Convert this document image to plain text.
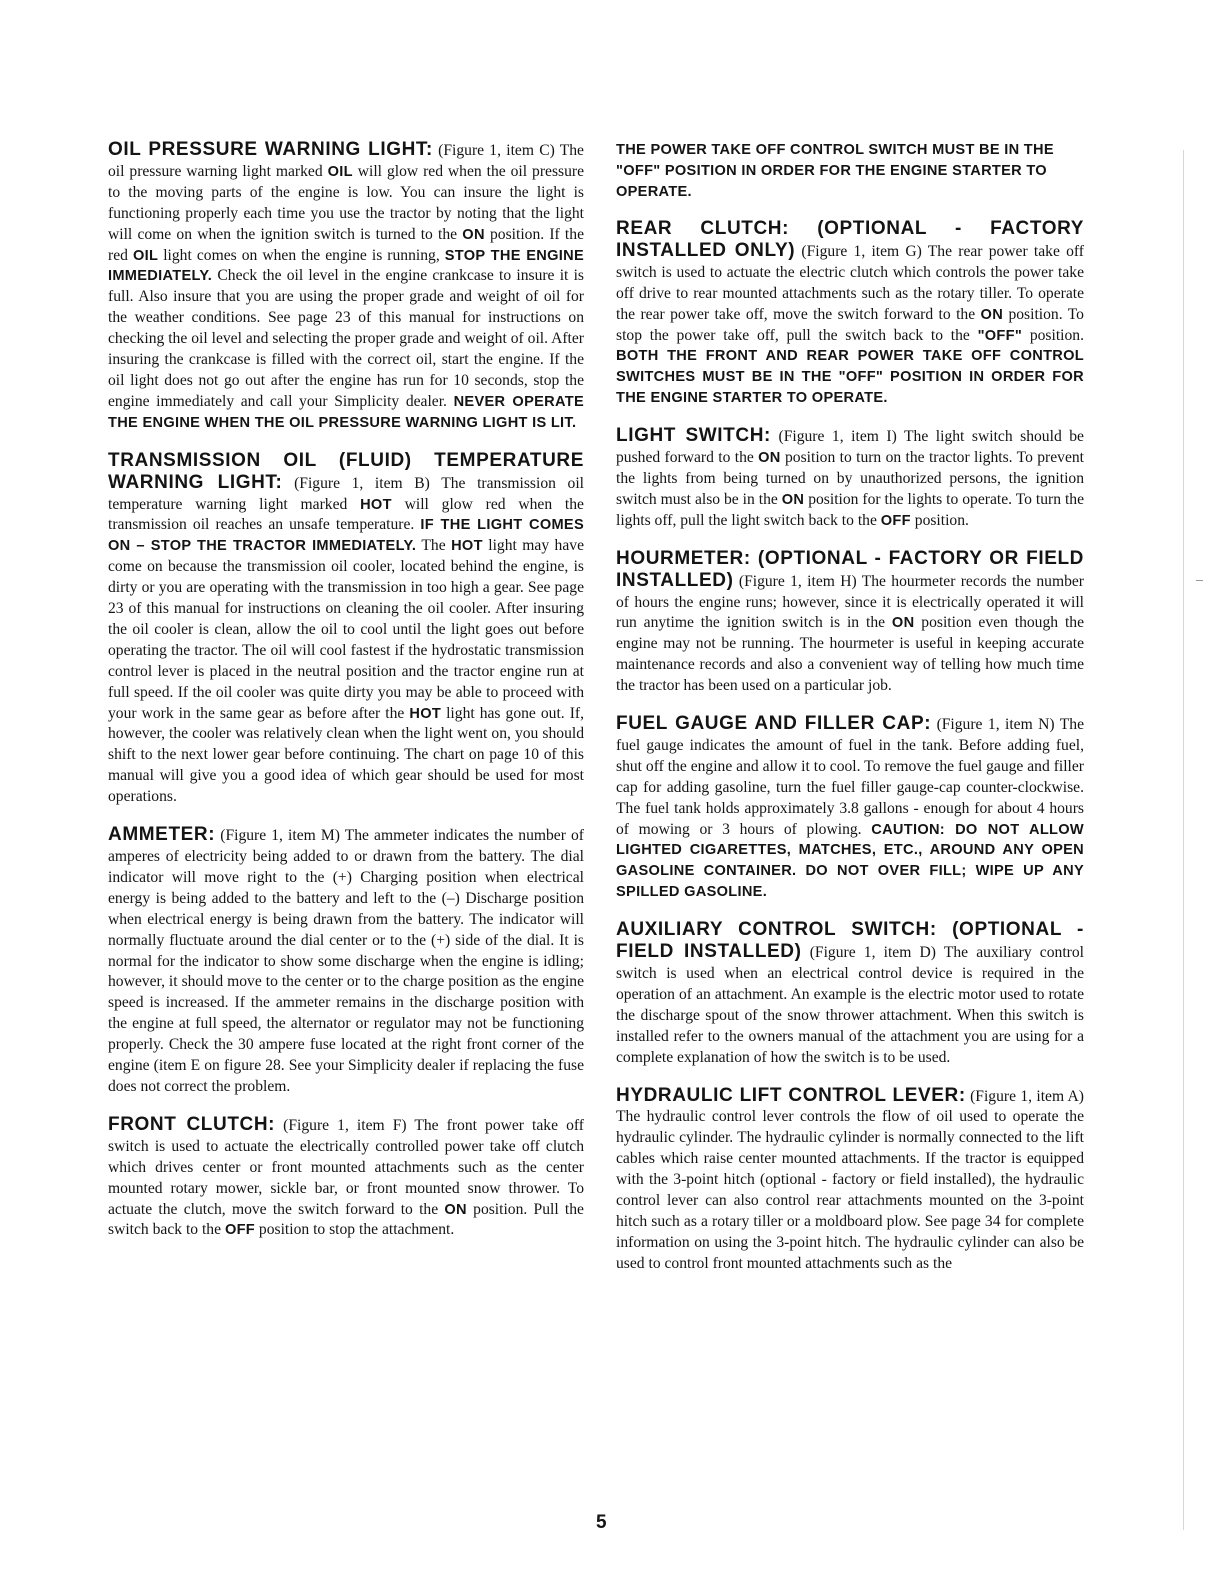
OIL PRESSURE WARNING LIGHT: (Figure 1, item C) The oil pressure warning light marked OIL will glow red when the oil pressure to the moving parts of the engine is low. You can insure the light is functioning properly each time you use the tractor by noting that the light will come on when the ignition switch is turned to the ON position. If the red OIL light comes on when the engine is running, STOP THE ENGINE IMMEDIATELY. Check the oil level in the engine crankcase to insure it is full. Also insure that you are using the proper grade and weight of oil for the weather conditions. See page 23 of this manual for instructions on checking the oil level and selecting the proper grade and weight of oil. After insuring the crankcase is filled with the correct oil, start the engine. If the oil light does not go out after the engine has run for 10 seconds, stop the engine immediately and call your Simplicity dealer. NEVER OPERATE THE ENGINE WHEN THE OIL PRESSURE WARNING LIGHT IS LIT.

TRANSMISSION OIL (FLUID) TEMPERATURE WARNING LIGHT: (Figure 1, item B) The transmission oil temperature warning light marked HOT will glow red when the transmission oil reaches an unsafe temperature. IF THE LIGHT COMES ON – STOP THE TRACTOR IMMEDIATELY. The HOT light may have come on because the transmission oil cooler, located behind the engine, is dirty or you are operating with the transmission in too high a gear. See page 23 of this manual for instructions on cleaning the oil cooler. After insuring the oil cooler is clean, allow the oil to cool until the light goes out before operating the tractor. The oil will cool fastest if the hydrostatic transmission control lever is placed in the neutral position and the tractor engine run at full speed. If the oil cooler was quite dirty you may be able to proceed with your work in the same gear as before after the HOT light has gone out. If, however, the cooler was relatively clean when the light went on, you should shift to the next lower gear before continuing. The chart on page 10 of this manual will give you a good idea of which gear should be used for most operations.

AMMETER: (Figure 1, item M) The ammeter indicates the number of amperes of electricity being added to or drawn from the battery. The dial indicator will move right to the (+) Charging position when electrical energy is being added to the battery and left to the (–) Discharge position when electrical energy is being drawn from the battery. The indicator will normally fluctuate around the dial center or to the (+) side of the dial. It is normal for the indicator to show some discharge when the engine is idling; however, it should move to the center or to the charge position as the engine speed is increased. If the ammeter remains in the discharge position with the engine at full speed, the alternator or regulator may not be functioning properly. Check the 30 ampere fuse located at the right front corner of the engine (item E on figure 28. See your Simplicity dealer if replacing the fuse does not correct the problem.

FRONT CLUTCH: (Figure 1, item F) The front power take off switch is used to actuate the electrically controlled power take off clutch which drives center or front mounted attachments such as the center mounted rotary mower, sickle bar, or front mounted snow thrower. To actuate the clutch, move the switch forward to the ON position. Pull the switch back to the OFF position to stop the attachment.

THE POWER TAKE OFF CONTROL SWITCH MUST BE IN THE "OFF" POSITION IN ORDER FOR THE ENGINE STARTER TO OPERATE.

REAR CLUTCH: (OPTIONAL - FACTORY INSTALLED ONLY) (Figure 1, item G) The rear power take off switch is used to actuate the electric clutch which controls the power take off drive to rear mounted attachments such as the rotary tiller. To operate the rear power take off, move the switch forward to the ON position. To stop the power take off, pull the switch back to the "OFF" position. BOTH THE FRONT AND REAR POWER TAKE OFF CONTROL SWITCHES MUST BE IN THE "OFF" POSITION IN ORDER FOR THE ENGINE STARTER TO OPERATE.

LIGHT SWITCH: (Figure 1, item I) The light switch should be pushed forward to the ON position to turn on the tractor lights. To prevent the lights from being turned on by unauthorized persons, the ignition switch must also be in the ON position for the lights to operate. To turn the lights off, pull the light switch back to the OFF position.

HOURMETER: (OPTIONAL - FACTORY OR FIELD INSTALLED) (Figure 1, item H) The hourmeter records the number of hours the engine runs; however, since it is electrically operated it will run anytime the ignition switch is in the ON position even though the engine may not be running. The hourmeter is useful in keeping accurate maintenance records and also a convenient way of telling how much time the tractor has been used on a particular job.

FUEL GAUGE AND FILLER CAP: (Figure 1, item N) The fuel gauge indicates the amount of fuel in the tank. Before adding fuel, shut off the engine and allow it to cool. To remove the fuel gauge and filler cap for adding gasoline, turn the fuel filler gauge-cap counter-clockwise. The fuel tank holds approximately 3.8 gallons - enough for about 4 hours of mowing or 3 hours of plowing. CAUTION: DO NOT ALLOW LIGHTED CIGARETTES, MATCHES, ETC., AROUND ANY OPEN GASOLINE CONTAINER. DO NOT OVER FILL; WIPE UP ANY SPILLED GASOLINE.

AUXILIARY CONTROL SWITCH: (OPTIONAL - FIELD INSTALLED) (Figure 1, item D) The auxiliary control switch is used when an electrical control device is required in the operation of an attachment. An example is the electric motor used to rotate the discharge spout of the snow thrower attachment. When this switch is installed refer to the owners manual of the attachment you are using for a complete explanation of how the switch is to be used.

HYDRAULIC LIFT CONTROL LEVER: (Figure 1, item A) The hydraulic control lever controls the flow of oil used to operate the hydraulic cylinder. The hydraulic cylinder is normally connected to the lift cables which raise center mounted attachments. If the tractor is equipped with the 3-point hitch (optional - factory or field installed), the hydraulic control lever can also control rear attachments mounted on the 3-point hitch such as a rotary tiller or a moldboard plow. See page 34 for complete information on using the 3-point hitch. The hydraulic cylinder can also be used to control front mounted attachments such as the

5
